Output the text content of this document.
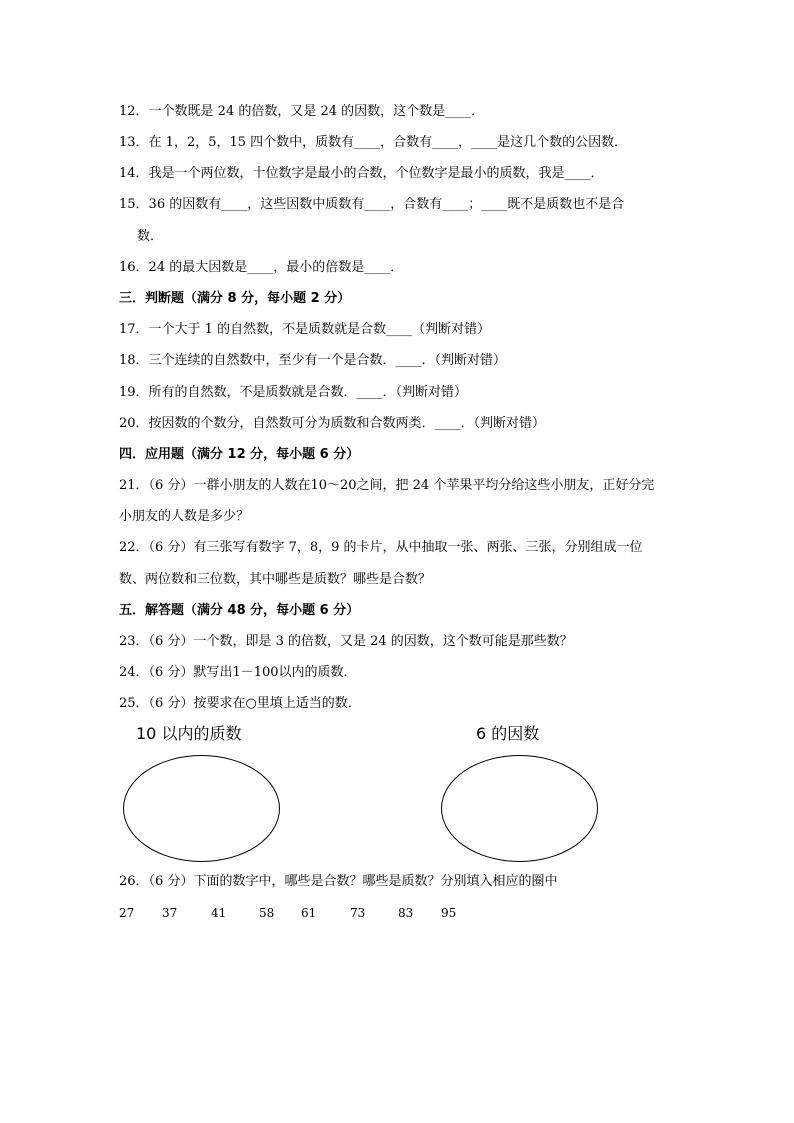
12．一个数既是 24 的倍数，又是 24 的因数，这个数是____．
13．在 1，2，5，15 四个数中，质数有____，合数有____，____是这几个数的公因数．
14．我是一个两位数，十位数字是最小的合数，个位数字是最小的质数，我是____．
15．36 的因数有____，这些因数中质数有____，合数有____；____既不是质数也不是合
数．
16．24 的最大因数是____，最小的倍数是____．
三．判断题（满分 8 分，每小题 2 分）
17．一个大于 1 的自然数，不是质数就是合数____（判断对错）
18．三个连续的自然数中，至少有一个是合数．____．（判断对错）
19．所有的自然数，不是质数就是合数．____．（判断对错）
20．按因数的个数分，自然数可分为质数和合数两类．____．（判断对错）
四．应用题（满分 12 分，每小题 6 分）
21．（6 分）一群小朋友的人数在10～20之间，把 24 个苹果平均分给这些小朋友，正好分完
小朋友的人数是多少？
22．（6 分）有三张写有数字 7，8，9 的卡片，从中抽取一张、两张、三张，分别组成一位
数、两位数和三位数，其中哪些是质数？哪些是合数？
五．解答题（满分 48 分，每小题 6 分）
23．（6 分）一个数，即是 3 的倍数，又是 24 的因数，这个数可能是那些数？
24．（6 分）默写出1－100以内的质数．
25．（6 分）按要求在○里填上适当的数．
10 以内的质数	6 的因数
26．（6 分）下面的数字中，哪些是合数？哪些是质数？分别填入相应的圈中
27 37	41	58 61	73	83 95
